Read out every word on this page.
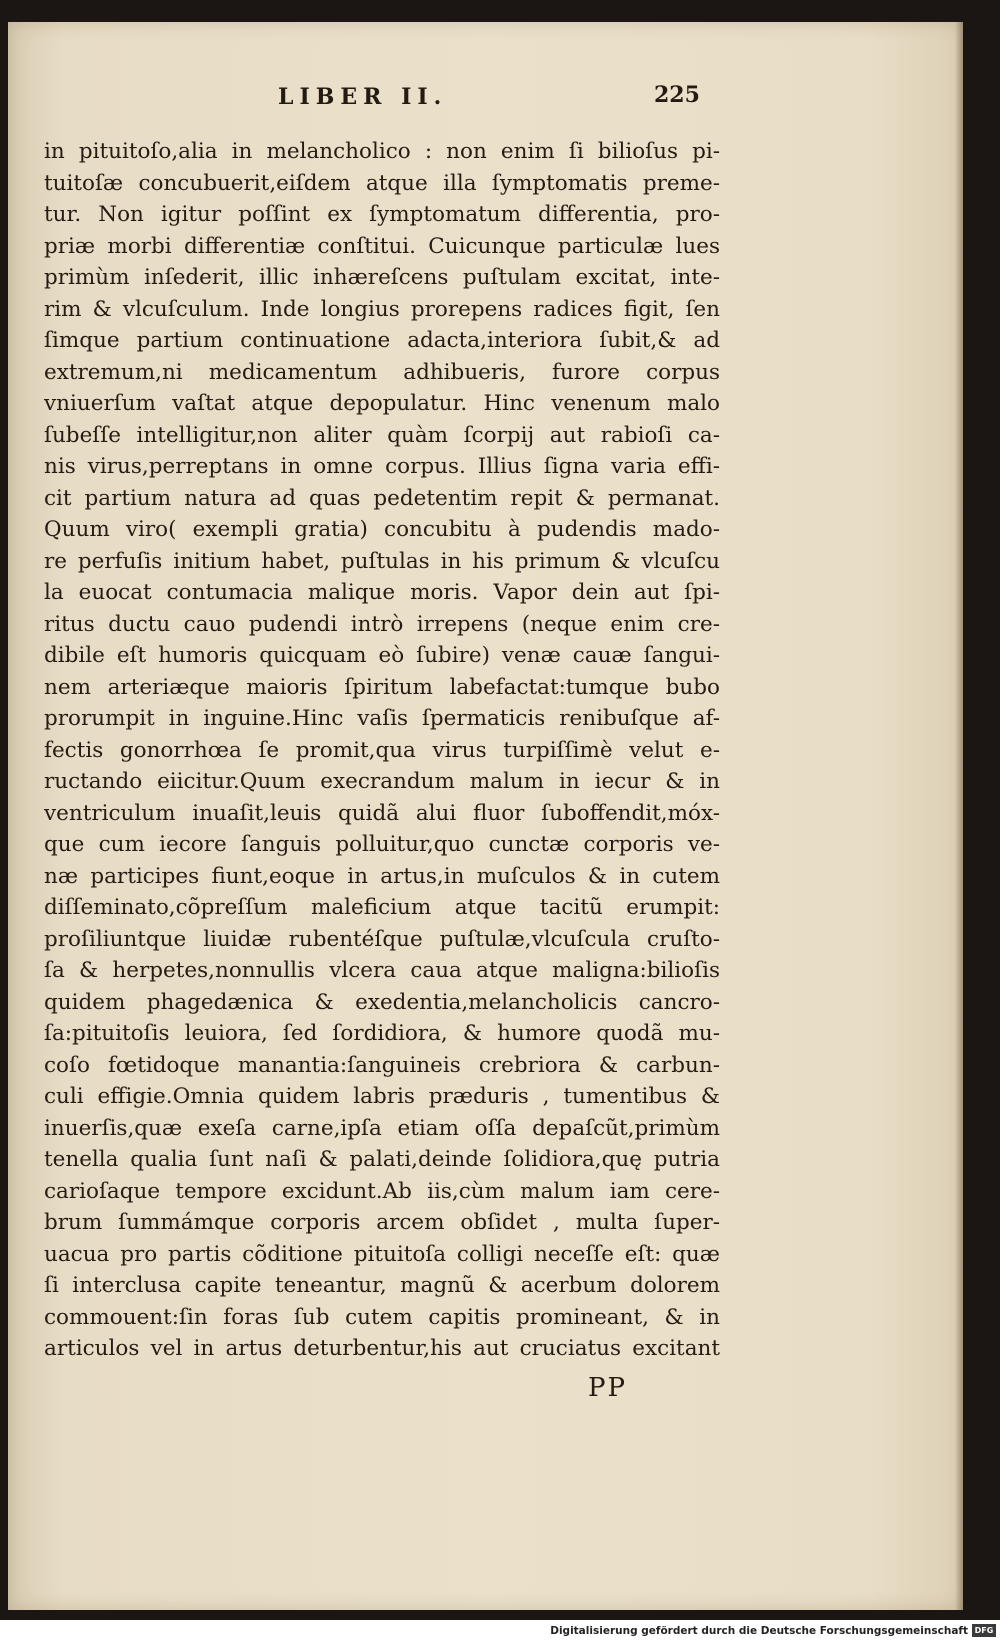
LIBER II.	225
in pituitoſo,alia in melancholico : non enim ſi bilioſus pi-
tuitoſæ concubuerit,eiſdem atque illa ſymptomatis preme-
tur. Non igitur poſſint ex ſymptomatum differentia, pro-
priæ morbi differentiæ conſtitui. Cuicunque particulæ lues
primùm inſederit, illic inhæreſcens puſtulam excitat, inte-
rim & vlcuſculum. Inde longius prorepens radices figit, ſen
ſimque partium continuatione adacta,interiora ſubit,& ad
extremum,ni medicamentum adhibueris, furore corpus
vniuerſum vaſtat atque depopulatur. Hinc venenum malo
ſubeſſe intelligitur,non aliter quàm ſcorpij aut rabioſi ca-
nis virus,perreptans in omne corpus. Illius ſigna varia effi-
cit partium natura ad quas pedetentim repit & permanat.
Quum viro( exempli gratia) concubitu à pudendis mado-
re perfuſis initium habet, puſtulas in his primum & vlcuſcu
la euocat contumacia malique moris. Vapor dein aut ſpi-
ritus ductu cauo pudendi intrò irrepens (neque enim cre-
dibile eſt humoris quicquam eò ſubire) venæ cauæ ſangui-
nem arteriæque maioris ſpiritum labefactat:tumque bubo
prorumpit in inguine.Hinc vaſis ſpermaticis renibuſque af-
fectis gonorrhœa ſe promit,qua virus turpiſſimè velut e-
ructando eiicitur.Quum execrandum malum in iecur & in
ventriculum inuaſit,leuis quidã alui fluor ſuboffendit,móx-
que cum iecore ſanguis polluitur,quo cunctæ corporis ve-
næ participes fiunt,eoque in artus,in muſculos & in cutem
diſſeminato,cõpreſſum maleficium atque tacitũ erumpit:
proſiliuntque liuidæ rubentéſque puſtulæ,vlcuſcula cruſto-
ſa & herpetes,nonnullis vlcera caua atque maligna:bilioſis
quidem phagedænica & exedentia,melancholicis cancro-
ſa:pituitoſis leuiora, ſed ſordidiora, & humore quodã mu-
coſo fœtidoque manantia:ſanguineis crebriora & carbun-
culi effigie.Omnia quidem labris præduris , tumentibus &
inuerſis,quæ exeſa carne,ipſa etiam oſſa depaſcũt,primùm
tenella qualia ſunt naſi & palati,deinde ſolidiora,quę putria
carioſaque tempore excidunt.Ab iis,cùm malum iam cere-
brum ſummámque corporis arcem obſidet , multa ſuper-
uacua pro partis cõditione pituitoſa colligi neceſſe eſt: quæ
ſi interclusa capite teneantur, magnũ & acerbum dolorem
commouent:ſin foras ſub cutem capitis promineant, & in
articulos vel in artus deturbentur,his aut cruciatus excitant
PP
Digitalisierung gefördert durch die Deutsche Forschungsgemeinschaft DFG
